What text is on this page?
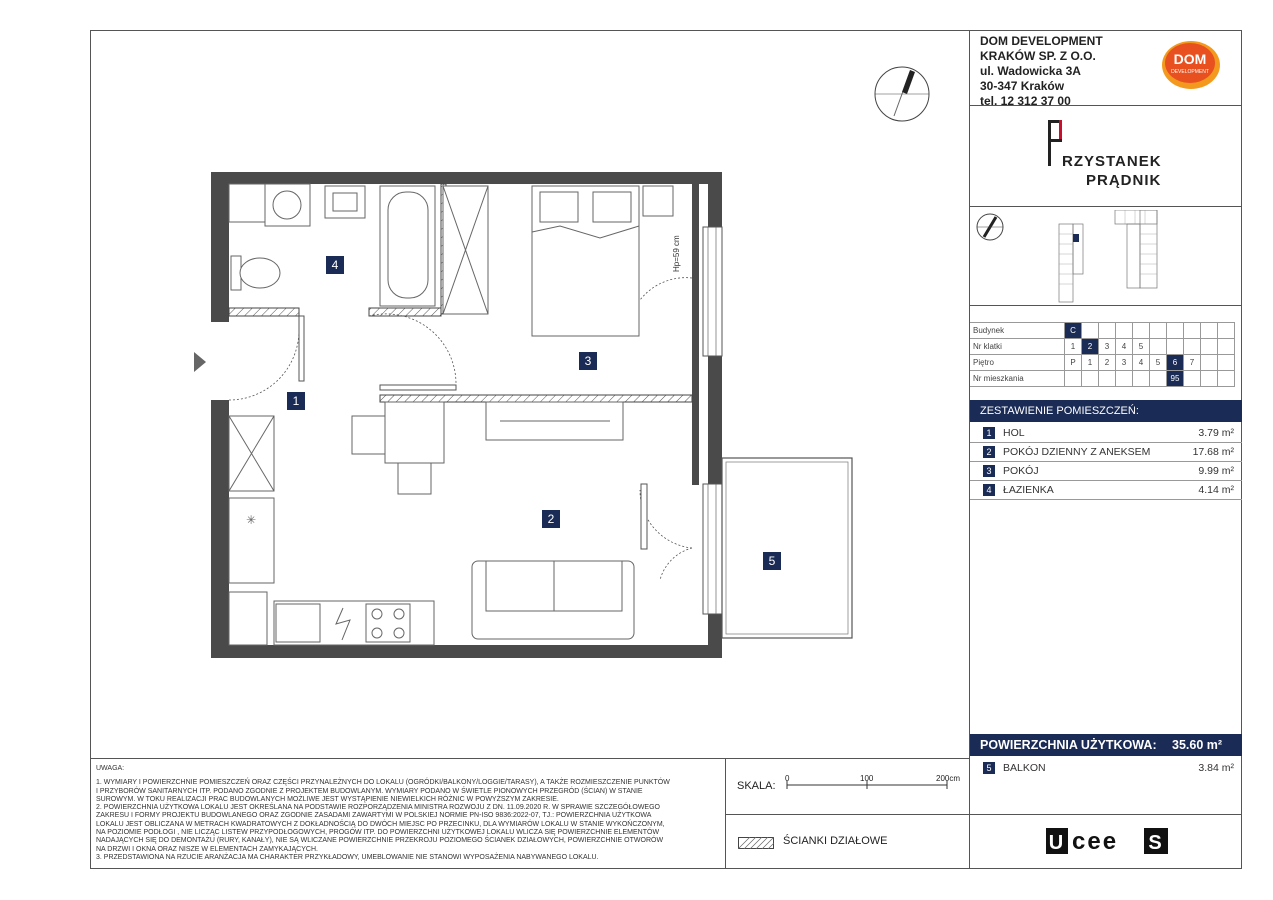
DOM DEVELOPMENT
KRAKÓW SP. Z O.O.
ul. Wadowicka 3A
30-347 Kraków
tel. 12 312 37 00
DOM
DEVELOPMENT
RZYSTANEK
PRĄDNIK
Budynek	C									
Nr klatki	1	2	3	4	5					
Piętro	P	1	2	3	4	5	6	7		
Nr mieszkania							95			
ZESTAWIENIE POMIESZCZEŃ:
1	HOL	3.79 m²
2	POKÓJ DZIENNY Z ANEKSEM	17.68 m²
3	POKÓJ	9.99 m²
4	ŁAZIENKA	4.14 m²
POWIERZCHNIA UŻYTKOWA: 35.60 m²
5	BALKON	3.84 m²
U cee S
SKALA:
0	100	200cm
ŚCIANKI DZIAŁOWE
UWAGA:
1. WYMIARY I POWIERZCHNIE POMIESZCZEŃ ORAZ CZĘŚCI PRZYNALEŻNYCH DO LOKALU (OGRÓDKI/BALKONY/LOGGIE/TARASY), A TAKŻE ROZMIESZCZENIE PUNKTÓW
I PRZYBORÓW SANITARNYCH ITP. PODANO ZGODNIE Z PROJEKTEM BUDOWLANYM. WYMIARY PODANO W ŚWIETLE PIONOWYCH PRZEGRÓD (ŚCIAN) W STANIE
SUROWYM. W TOKU REALIZACJI PRAC BUDOWLANYCH MOŻLIWE JEST WYSTĄPIENIE NIEWIELKICH RÓŻNIC W POWYŻSZYM ZAKRESIE.
2. POWIERZCHNIA UŻYTKOWA LOKALU JEST OKREŚLANA NA PODSTAWIE ROZPORZĄDZENIA MINISTRA ROZWOJU Z DN. 11.09.2020 R. W SPRAWIE SZCZEGÓŁOWEGO
ZAKRESU I FORMY PROJEKTU BUDOWLANEGO ORAZ ZGODNIE ZASADAMI ZAWARTYMI W POLSKIEJ NORMIE PN-ISO 9836:2022-07, TJ.: POWIERZCHNIA UŻYTKOWA
LOKALU JEST OBLICZANA W METRACH KWADRATOWYCH Z DOKŁADNOŚCIĄ DO DWÓCH MIEJSC PO PRZECINKU, DLA WYMIARÓW LOKALU W STANIE WYKOŃCZONYM,
NA POZIOMIE PODŁOGI , NIE LICZĄC LISTEW PRZYPODŁOGOWYCH, PROGÓW ITP. DO POWIERZCHNI UŻYTKOWEJ LOKALU WLICZA SIĘ POWIERZCHNIE ELEMENTÓW
NADAJĄCYCH SIĘ DO DEMONTAŻU (RURY, KANAŁY), NIE SĄ WLICZANE POWIERZCHNIE PRZEKROJU POZIOMEGO ŚCIANEK DZIAŁOWYCH, POWIERZCHNIE OTWORÓW
NA DRZWI I OKNA ORAZ NISZE W ELEMENTACH ZAMYKAJĄCYCH.
3. PRZEDSTAWIONA NA RZUCIE ARANŻACJA MA CHARAKTER PRZYKŁADOWY, UMEBLOWANIE NIE STANOWI WYPOSAŻENIA NABYWANEGO LOKALU.
✳
1
2
3
4
5
Hp=59 cm
